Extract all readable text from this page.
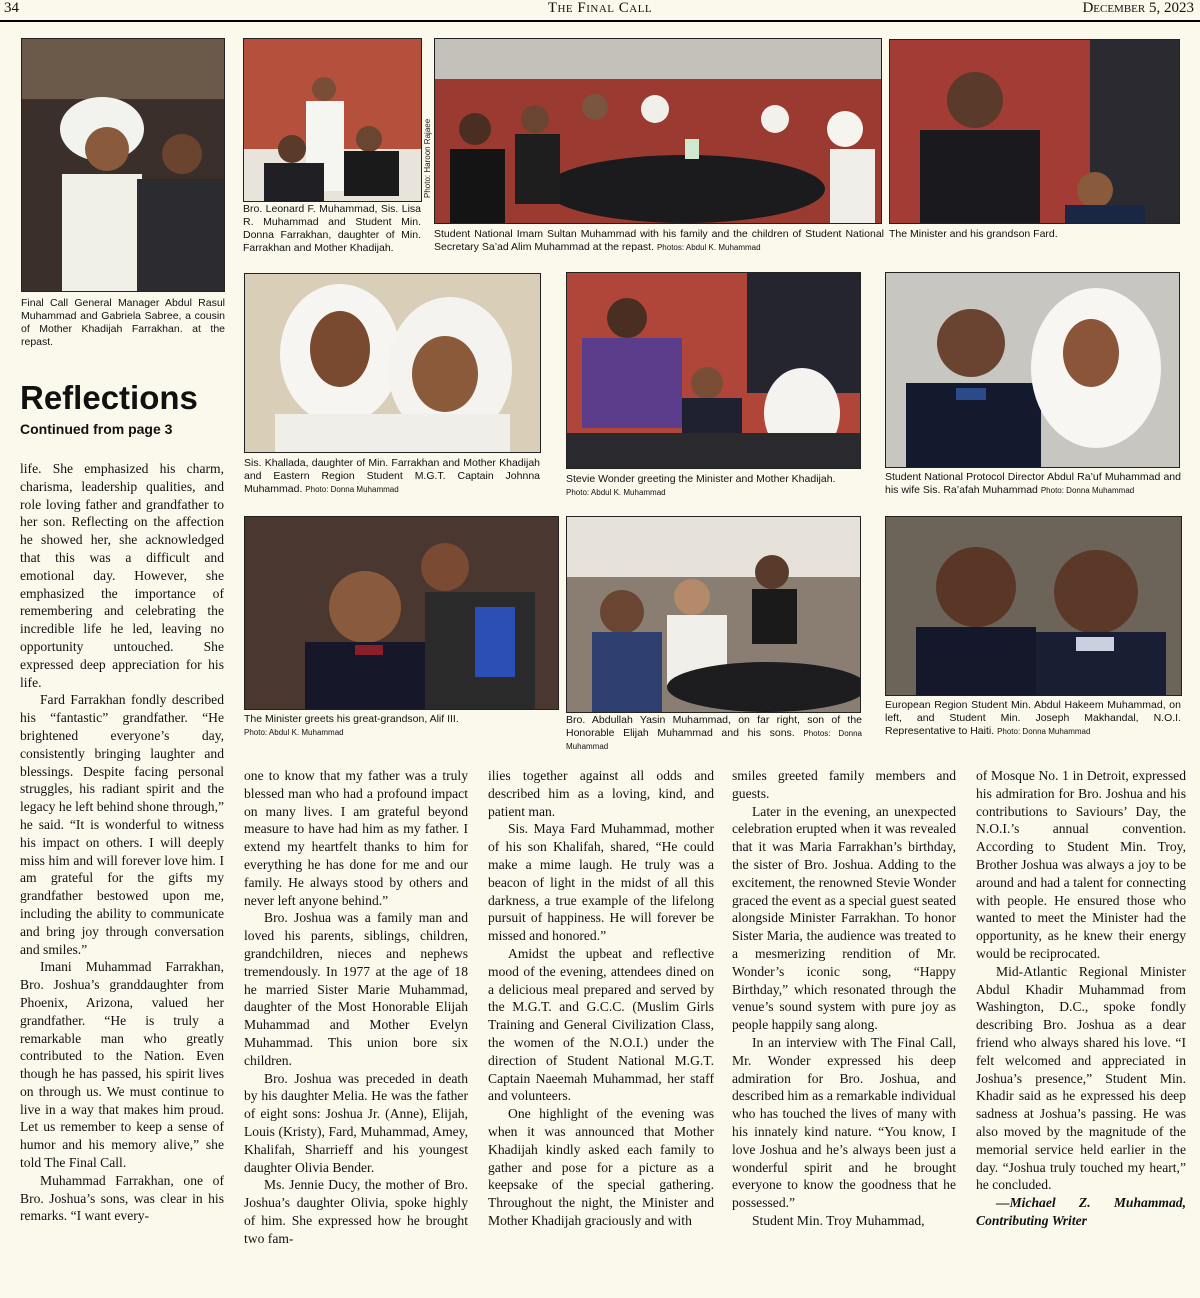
34	The Final Call	December 5, 2023
Final Call General Manager Abdul Rasul Muhammad and Gabriela Sabree, a cousin of Mother Khadijah Farrakhan. at the repast.
Photo: Haroon Rajaee
Bro. Leonard F. Muhammad, Sis. Lisa R. Muhammad and Student Min. Donna Farrakhan, daughter of Min. Farrakhan and Mother Khadijah.
Student National Imam Sultan Muhammad with his family and the children of Student National Secretary Sa’ad Alim Muhammad at the repast. Photos: Abdul K. Muhammad
The Minister and his grandson Fard.
Sis. Khallada, daughter of Min. Farrakhan and Mother Khadijah and Eastern Region Student M.G.T. Captain Johnna Muhammad. Photo: Donna Muhammad
Stevie Wonder greeting the Minister and Mother Khadijah.
Photo: Abdul K. Muhammad
Student National Protocol Director Abdul Ra’uf Muhammad and his wife Sis. Ra’afah Muhammad Photo: Donna Muhammad
The Minister greets his great-grandson, Alif III.
Photo: Abdul K. Muhammad
Bro. Abdullah Yasin Muhammad, on far right, son of the Honorable Elijah Muhammad and his sons. Photos: Donna Muhammad
European Region Student Min. Abdul Hakeem Muhammad, on left, and Student Min. Joseph Makhandal, N.O.I. Representative to Haiti. Photo: Donna Muhammad
Reflections
Continued from page 3

life. She emphasized his charm, charisma, leadership qualities, and role loving father and grandfather to her son. Reflecting on the affection he showed her, she acknowledged that this was a difficult and emotional day. However, she emphasized the importance of remembering and celebrating the incredible life he led, leaving no opportunity untouched. She expressed deep appreciation for his life.

Fard Farrakhan fondly described his “fantastic” grandfather. “He brightened everyone’s day, consistently bringing laughter and blessings. Despite facing personal struggles, his radiant spirit and the legacy he left behind shone through,” he said. “It is wonderful to witness his impact on others. I will deeply miss him and will forever love him. I am grateful for the gifts my grandfather bestowed upon me, including the ability to communicate and bring joy through conversation and smiles.”

Imani Muhammad Farrakhan, Bro. Joshua’s granddaughter from Phoenix, Arizona, valued her grandfather. “He is truly a remarkable man who greatly contributed to the Nation. Even though he has passed, his spirit lives on through us. We must continue to live in a way that makes him proud. Let us remember to keep a sense of humor and his memory alive,” she told The Final Call.

Muhammad Farrakhan, one of Bro. Joshua’s sons, was clear in his remarks. “I want every-

one to know that my father was a truly blessed man who had a profound impact on many lives. I am grateful beyond measure to have had him as my father. I extend my heartfelt thanks to him for everything he has done for me and our family. He always stood by others and never left anyone behind.”

Bro. Joshua was a family man and loved his parents, siblings, children, grandchildren, nieces and nephews tremendously. In 1977 at the age of 18 he married Sister Marie Muhammad, daughter of the Most Honorable Elijah Muhammad and Mother Evelyn Muhammad. This union bore six children.

Bro. Joshua was preceded in death by his daughter Melia. He was the father of eight sons: Joshua Jr. (Anne), Elijah, Louis (Kristy), Fard, Muhammad, Amey, Khalifah, Sharrieff and his youngest daughter Olivia Bender.

Ms. Jennie Ducy, the mother of Bro. Joshua’s daughter Olivia, spoke highly of him. She expressed how he brought two fam-

ilies together against all odds and described him as a loving, kind, and patient man.

Sis. Maya Fard Muhammad, mother of his son Khalifah, shared, “He could make a mime laugh. He truly was a beacon of light in the midst of all this darkness, a true example of the lifelong pursuit of happiness. He will forever be missed and honored.”

Amidst the upbeat and reflective mood of the evening, attendees dined on a delicious meal prepared and served by the M.G.T. and G.C.C. (Muslim Girls Training and General Civilization Class, the women of the N.O.I.) under the direction of Student National M.G.T. Captain Naeemah Muhammad, her staff and volunteers.

One highlight of the evening was when it was announced that Mother Khadijah kindly asked each family to gather and pose for a picture as a keepsake of the special gathering. Throughout the night, the Minister and Mother Khadijah graciously and with

smiles greeted family members and guests.

Later in the evening, an unexpected celebration erupted when it was revealed that it was Maria Farrakhan’s birthday, the sister of Bro. Joshua. Adding to the excitement, the renowned Stevie Wonder graced the event as a special guest seated alongside Minister Farrakhan. To honor Sister Maria, the audience was treated to a mesmerizing rendition of Mr. Wonder’s iconic song, “Happy Birthday,” which resonated through the venue’s sound system with pure joy as people happily sang along.

In an interview with The Final Call, Mr. Wonder expressed his deep admiration for Bro. Joshua, and described him as a remarkable individual who has touched the lives of many with his innately kind nature. “You know, I love Joshua and he’s always been just a wonderful spirit and he brought everyone to know the goodness that he possessed.”

Student Min. Troy Muhammad,

of Mosque No. 1 in Detroit, expressed his admiration for Bro. Joshua and his contributions to Saviours’ Day, the N.O.I.’s annual convention. According to Student Min. Troy, Brother Joshua was always a joy to be around and had a talent for connecting with people. He ensured those who wanted to meet the Minister had the opportunity, as he knew their energy would be reciprocated.

Mid-Atlantic Regional Minister Abdul Khadir Muhammad from Washington, D.C., spoke fondly describing Bro. Joshua as a dear friend who always shared his love. “I felt welcomed and appreciated in Joshua’s presence,” Student Min. Khadir said as he expressed his deep sadness at Joshua’s passing. He was also moved by the magnitude of the memorial service held earlier in the day. “Joshua truly touched my heart,” he concluded.

—Michael Z. Muhammad, Contributing Writer
